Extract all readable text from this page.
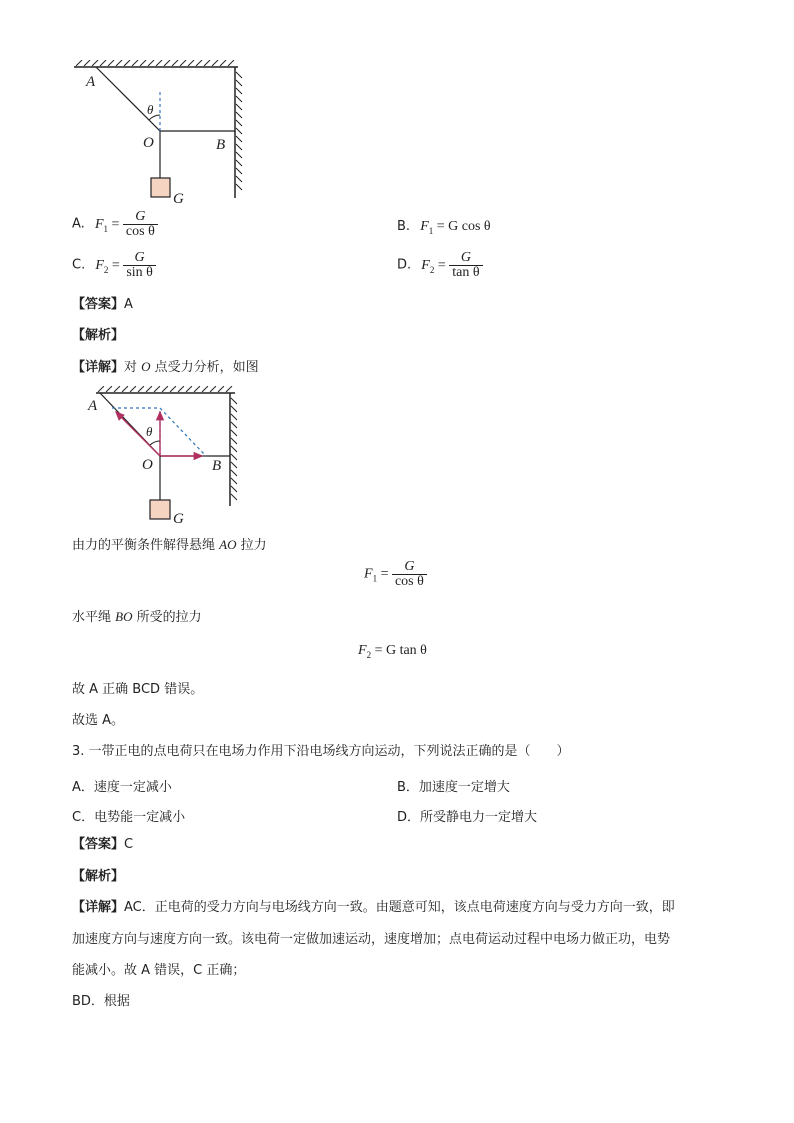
A
θ
O	B
G
A. $F_1 = \frac{G}{\text{cos θ}}$	B. $F_1 = G$ cos θ
C. $F_2 = \frac{G}{\text{sin θ}}$	D. $F_2 = \frac{G}{\text{tan θ}}$
【答案】A
【解析】
【详解】对 O 点受力分析，如图
A
θ
O	B
G
由力的平衡条件解得悬绳 AO 拉力
$F_1 = \frac{G}{\text{cos θ}}$
水平绳 BO 所受的拉力
$F_2 = G$ tan θ
故 A 正确 BCD 错误。
故选 A。
3. 一带正电的点电荷只在电场力作用下沿电场线方向运动，下列说法正确的是（　　）
A．速度一定减小	B．加速度一定增大
C．电势能一定减小	D．所受静电力一定增大
【答案】C
【解析】
【详解】AC．正电荷的受力方向与电场线方向一致。由题意可知，该点电荷速度方向与受力方向一致，即
加速度方向与速度方向一致。该电荷一定做加速运动，速度增加；点电荷运动过程中电场力做正功，电势
能减小。故 A 错误，C 正确；
BD．根据
